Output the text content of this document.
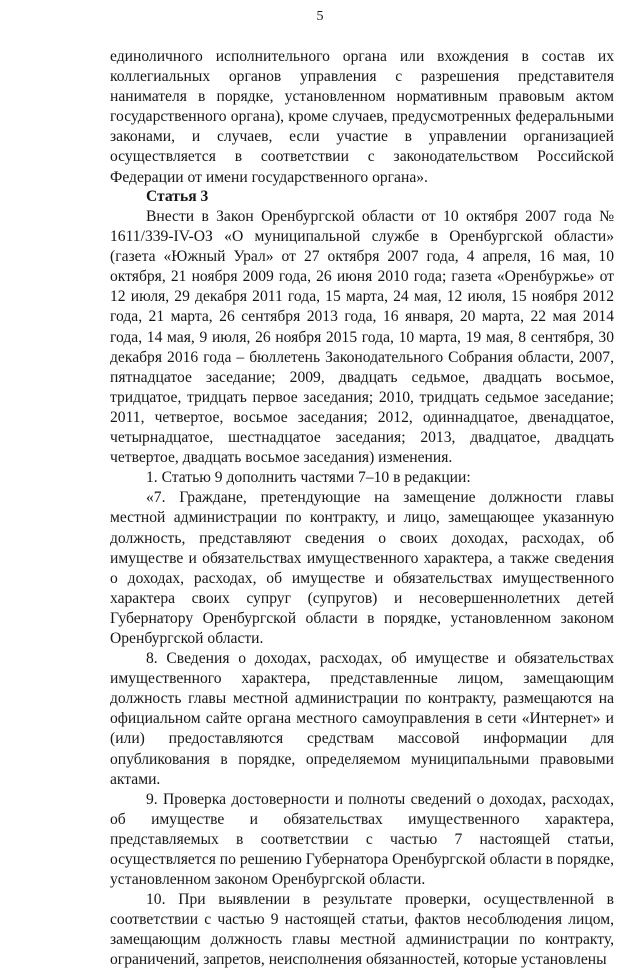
5

единоличного исполнительного органа или вхождения в состав их коллегиальных органов управления с разрешения представителя нанимателя в порядке, установленном нормативным правовым актом государственного органа), кроме случаев, предусмотренных федеральными законами, и случаев, если участие в управлении организацией осуществляется в соответствии с законодательством Российской Федерации от имени государственного органа».

Статья 3

Внести в Закон Оренбургской области от 10 октября 2007 года № 1611/339-IV-ОЗ «О муниципальной службе в Оренбургской области» (газета «Южный Урал» от 27 октября 2007 года, 4 апреля, 16 мая, 10 октября, 21 ноября 2009 года, 26 июня 2010 года; газета «Оренбуржье» от 12 июля, 29 декабря 2011 года, 15 марта, 24 мая, 12 июля, 15 ноября 2012 года, 21 марта, 26 сентября 2013 года, 16 января, 20 марта, 22 мая 2014 года, 14 мая, 9 июля, 26 ноября 2015 года, 10 марта, 19 мая, 8 сентября, 30 декабря 2016 года – бюллетень Законодательного Собрания области, 2007, пятнадцатое заседание; 2009, двадцать седьмое, двадцать восьмое, тридцатое, тридцать первое заседания; 2010, тридцать седьмое заседание; 2011, четвертое, восьмое заседания; 2012, одиннадцатое, двенадцатое, четырнадцатое, шестнадцатое заседания; 2013, двадцатое, двадцать четвертое, двадцать восьмое заседания) изменения.

1. Статью 9 дополнить частями 7–10 в редакции:

«7. Граждане, претендующие на замещение должности главы местной администрации по контракту, и лицо, замещающее указанную должность, представляют сведения о своих доходах, расходах, об имуществе и обязательствах имущественного характера, а также сведения о доходах, расходах, об имуществе и обязательствах имущественного характера своих супруг (супругов) и несовершеннолетних детей Губернатору Оренбургской области в порядке, установленном законом Оренбургской области.

8. Сведения о доходах, расходах, об имуществе и обязательствах имущественного характера, представленные лицом, замещающим должность главы местной администрации по контракту, размещаются на официальном сайте органа местного самоуправления в сети «Интернет» и (или) предоставляются средствам массовой информации для опубликования в порядке, определяемом муниципальными правовыми актами.

9. Проверка достоверности и полноты сведений о доходах, расходах, об имуществе и обязательствах имущественного характера, представляемых в соответствии с частью 7 настоящей статьи, осуществляется по решению Губернатора Оренбургской области в порядке, установленном законом Оренбургской области.

10. При выявлении в результате проверки, осуществленной в соответствии с частью 9 настоящей статьи, фактов несоблюдения лицом, замещающим должность главы местной администрации по контракту, ограничений, запретов, неисполнения обязанностей, которые установлены
